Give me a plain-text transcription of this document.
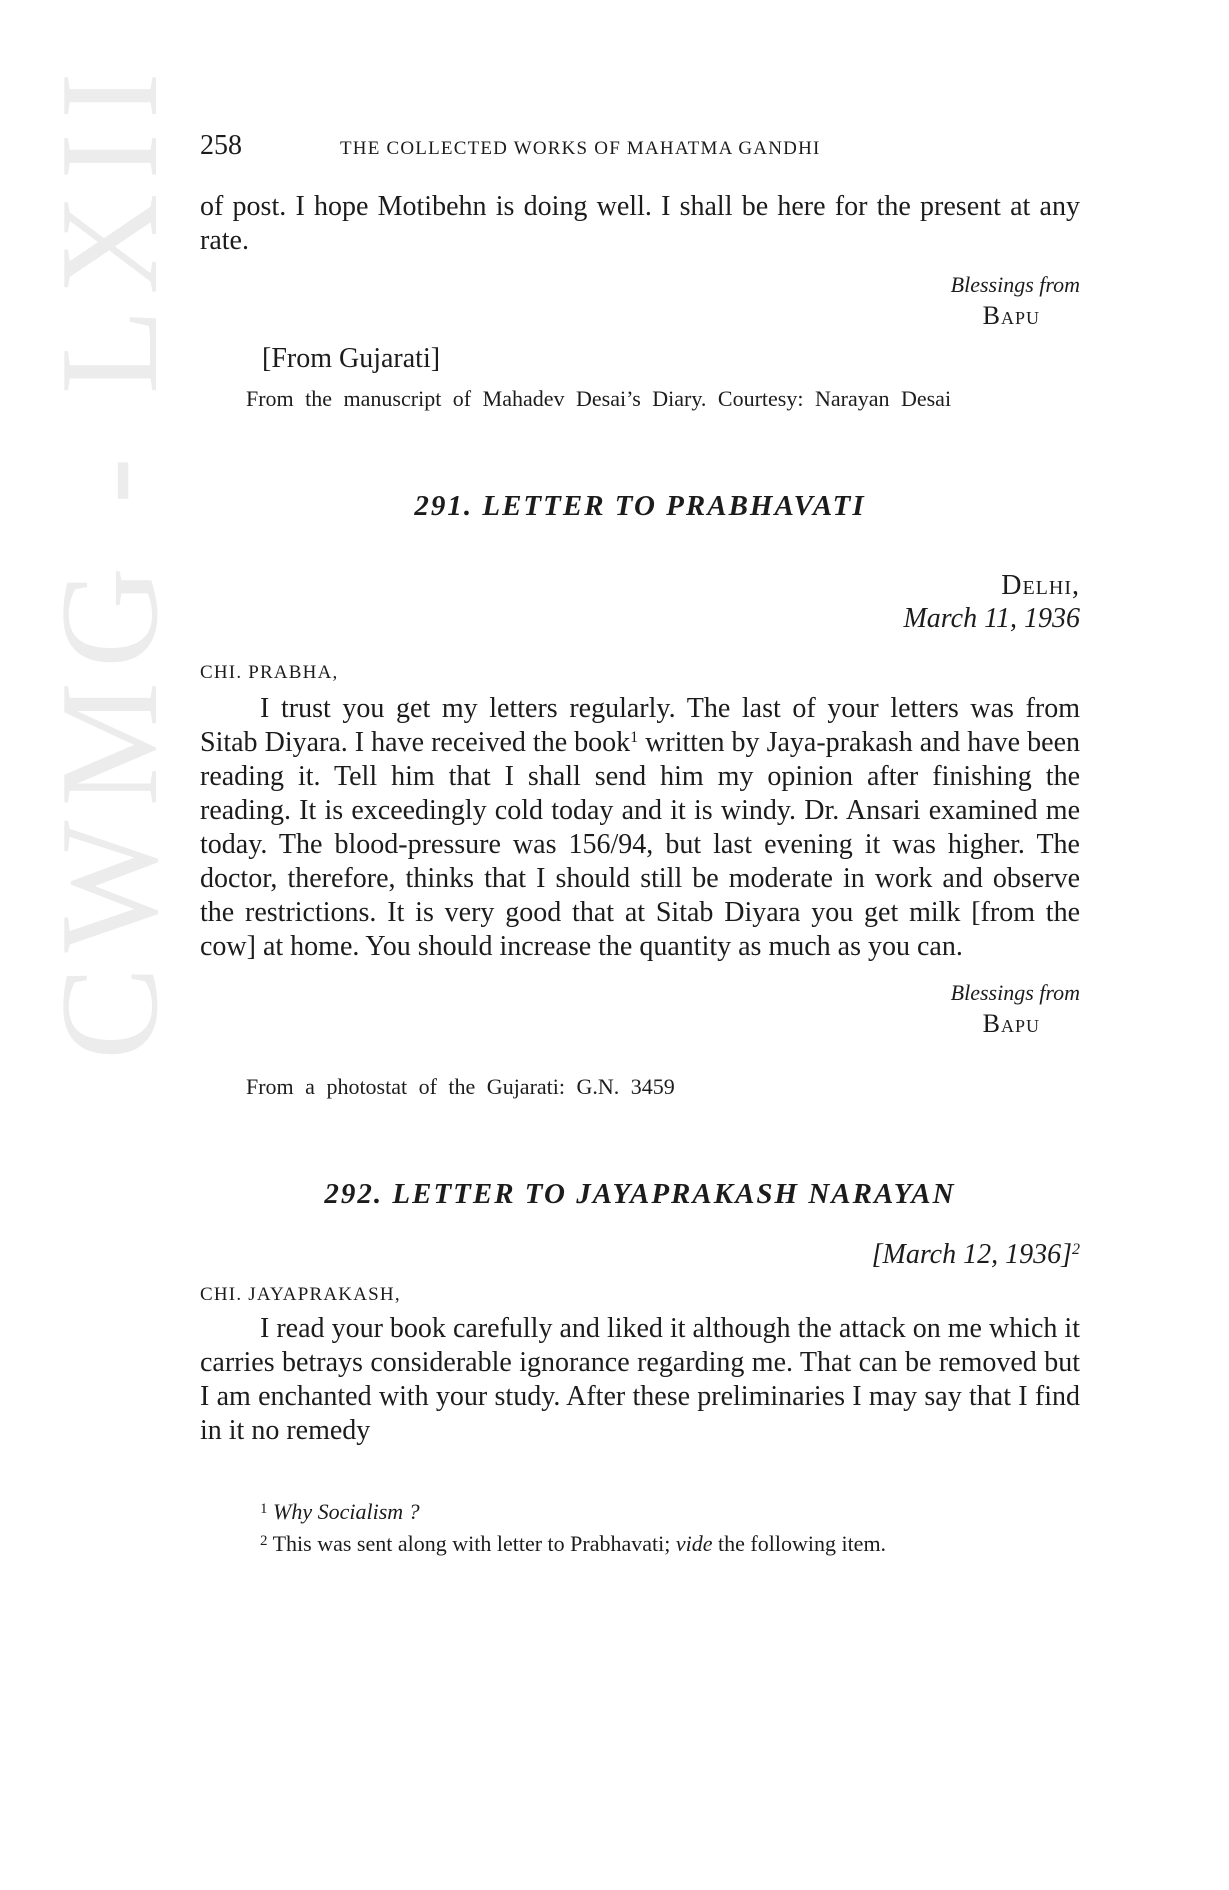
CWMG - LXII 258	THE COLLECTED WORKS OF MAHATMA GANDHI

of post. I hope Motibehn is doing well. I shall be here for the present at any rate.

Blessings from
Bapu

[From Gujarati]

From the manuscript of Mahadev Desai’s Diary. Courtesy: Narayan Desai

291. LETTER TO PRABHAVATI

Delhi,

March 11, 1936

CHI. PRABHA,

I trust you get my letters regularly. The last of your letters was from Sitab Diyara. I have received the book$^1$ written by Jaya-prakash and have been reading it. Tell him that I shall send him my opinion after finishing the reading. It is exceedingly cold today and it is windy. Dr. Ansari examined me today. The blood-pressure was 156/94, but last evening it was higher. The doctor, therefore, thinks that I should still be moderate in work and observe the restrictions. It is very good that at Sitab Diyara you get milk [from the cow] at home. You should increase the quantity as much as you can.

Blessings from
Bapu

From a photostat of the Gujarati: G.N. 3459

292. LETTER TO JAYAPRAKASH NARAYAN

[March 12, 1936]$^2$

CHI. JAYAPRAKASH,

I read your book carefully and liked it although the attack on me which it carries betrays considerable ignorance regarding me. That can be removed but I am enchanted with your study. After these preliminaries I may say that I find in it no remedy

$^1$ Why Socialism ?

$^2$ This was sent along with letter to Prabhavati; vide the following item.
